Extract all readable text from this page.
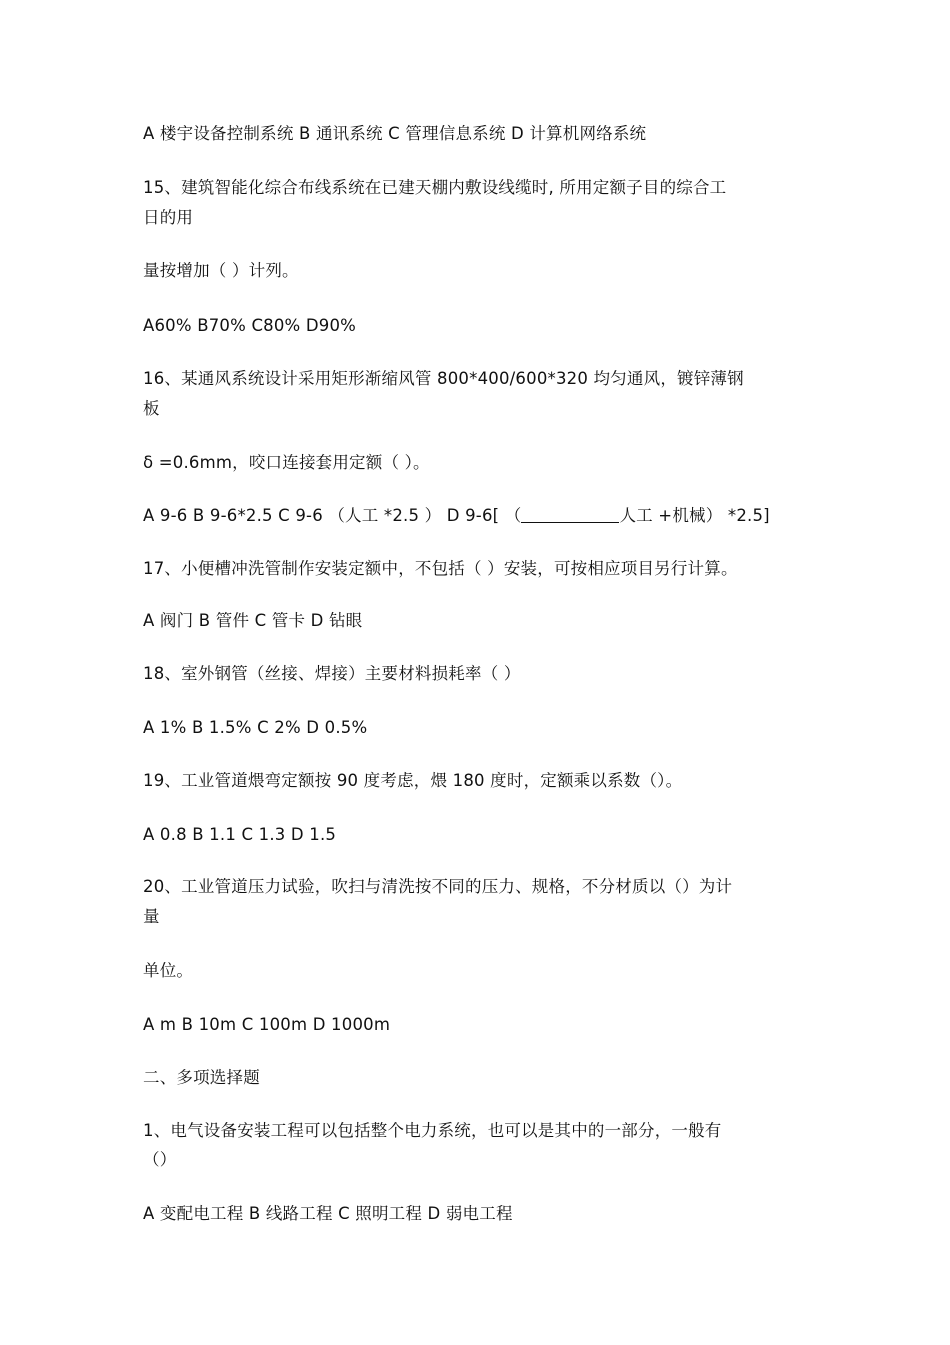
A 楼宇设备控制系统 B 通讯系统 C 管理信息系统 D 计算机网络系统
15、建筑智能化综合布线系统在已建天棚内敷设线缆时, 所用定额子目的综合工
日的用
量按增加（ ）计列。
A60% B70% C80% D90%
16、某通风系统设计采用矩形渐缩风管 800*400/600*320 均匀通风，镀锌薄钢
板
δ =0.6mm，咬口连接套用定额（ ）。
A 9-6 B 9-6*2.5 C 9-6 （人工 *2.5 ） D 9-6[ （	人工 +机械） *2.5]
17、小便槽冲洗管制作安装定额中，不包括（ ）安装，可按相应项目另行计算。
A 阀门 B 管件 C 管卡 D 钻眼
18、室外钢管（丝接、焊接）主要材料损耗率（ ）
A 1% B 1.5% C 2% D 0.5%
19、工业管道煨弯定额按 90 度考虑，煨 180 度时，定额乘以系数（）。
A 0.8 B 1.1 C 1.3 D 1.5
20、工业管道压力试验，吹扫与清洗按不同的压力、规格，不分材质以（）为计
量
单位。
A m B 10m C 100m D 1000m
二、多项选择题
1、电气设备安装工程可以包括整个电力系统，也可以是其中的一部分，一般有
（）
A 变配电工程 B 线路工程 C 照明工程 D 弱电工程
